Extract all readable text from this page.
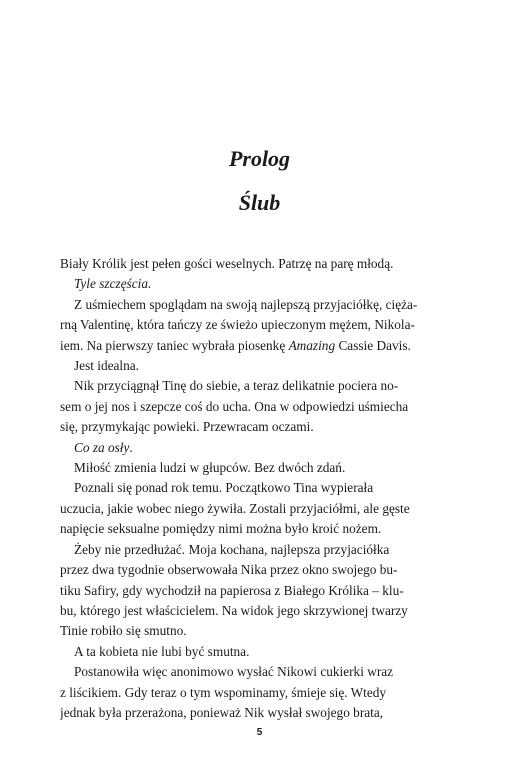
Prolog
Ślub

Biały Królik jest pełen gości weselnych. Patrzę na parę młodą.

Tyle szczęścia.

Z uśmiechem spoglądam na swoją najlepszą przyjaciółkę, cięża-

rną Valentinę, która tańczy ze świeżo upieczonym mężem, Nikola-

iem. Na pierwszy taniec wybrała piosenkę Amazing Cassie Davis.

Jest idealna.

Nik przyciągnął Tinę do siebie, a teraz delikatnie pociera no-

sem o jej nos i szepcze coś do ucha. Ona w odpowiedzi uśmiecha

się, przymykając powieki. Przewracam oczami.

Co za osły.

Miłość zmienia ludzi w głupców. Bez dwóch zdań.

Poznali się ponad rok temu. Początkowo Tina wypierała

uczucia, jakie wobec niego żywiła. Zostali przyjaciółmi, ale gęste

napięcie seksualne pomiędzy nimi można było kroić nożem.

Żeby nie przedłużać. Moja kochana, najlepsza przyjaciółka

przez dwa tygodnie obserwowała Nika przez okno swojego bu-

tiku Safiry, gdy wychodził na papierosa z Białego Królika – klu-

bu, którego jest właścicielem. Na widok jego skrzywionej twarzy

Tinie robiło się smutno.

A ta kobieta nie lubi być smutna.

Postanowiła więc anonimowo wysłać Nikowi cukierki wraz

z liścikiem. Gdy teraz o tym wspominamy, śmieje się. Wtedy

jednak była przerażona, ponieważ Nik wysłał swojego brata,

5
